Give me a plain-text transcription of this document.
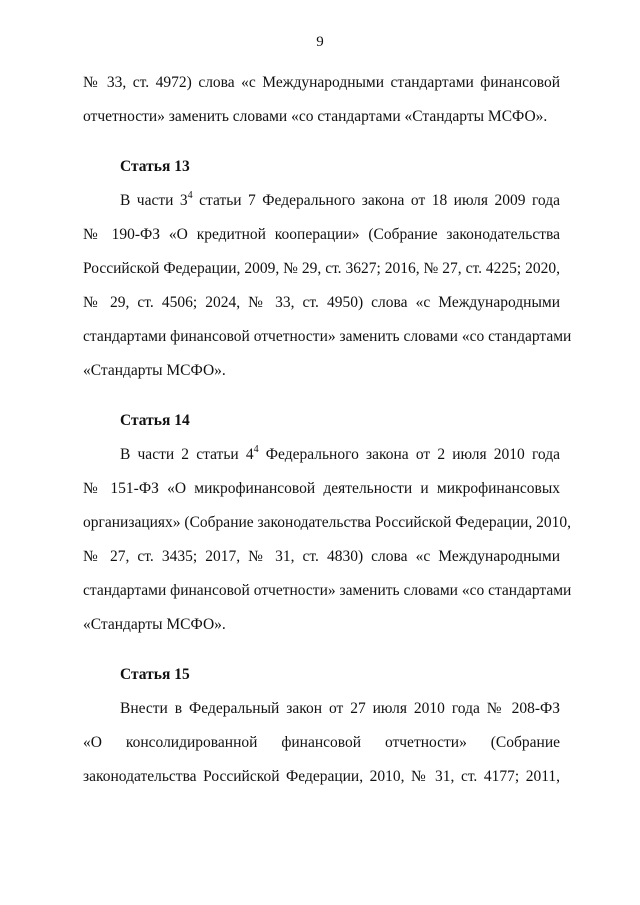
9
№ 33, ст. 4972) слова «с Международными стандартами финансовой
отчетности» заменить словами «со стандартами «Стандарты МСФО».
Статья 13
В части $3^4$ статьи 7 Федерального закона от 18 июля 2009 года
№ 190-ФЗ «О кредитной кооперации» (Собрание законодательства
Российской Федерации, 2009, № 29, ст. 3627; 2016, № 27, ст. 4225; 2020,
№ 29, ст. 4506; 2024, № 33, ст. 4950) слова «с Международными
стандартами финансовой отчетности» заменить словами «со стандартами
«Стандарты МСФО».
Статья 14
В части 2 статьи $4^4$ Федерального закона от 2 июля 2010 года
№ 151-ФЗ «О микрофинансовой деятельности и микрофинансовых
организациях» (Собрание законодательства Российской Федерации, 2010,
№ 27, ст. 3435; 2017, № 31, ст. 4830) слова «с Международными
стандартами финансовой отчетности» заменить словами «со стандартами
«Стандарты МСФО».
Статья 15
Внести в Федеральный закон от 27 июля 2010 года № 208-ФЗ
«О консолидированной финансовой отчетности» (Собрание
законодательства Российской Федерации, 2010, № 31, ст. 4177; 2011,
